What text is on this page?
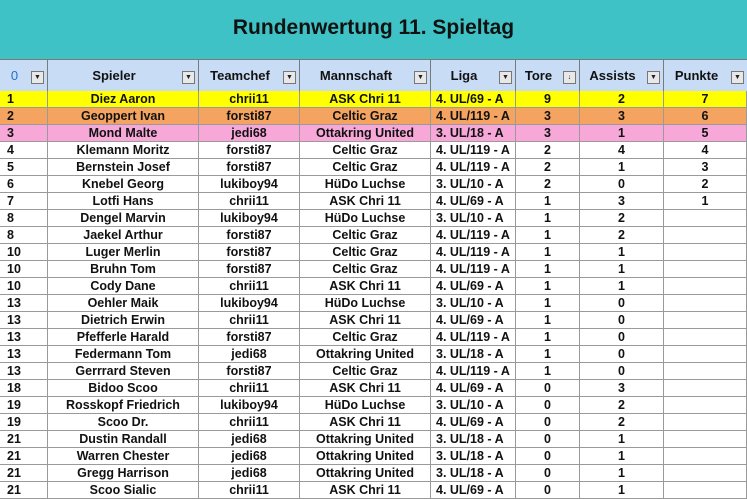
Rundenwertung 11. Spieltag
0	▼	Spieler	▼	Teamchef	▼	Mannschaft	▼	Liga	▼	Tore	↓	Assists	▼	Punkte	▼
1	Diez Aaron	chrii11	ASK Chri 11	4. UL/69 - A	9	2	7
2	Geoppert Ivan	forsti87	Celtic Graz	4. UL/119 - A	3	3	6
3	Mond Malte	jedi68	Ottakring United	3. UL/18 - A	3	1	5
4	Klemann Moritz	forsti87	Celtic Graz	4. UL/119 - A	2	4	4
5	Bernstein Josef	forsti87	Celtic Graz	4. UL/119 - A	2	1	3
6	Knebel Georg	lukiboy94	HüDo Luchse	3. UL/10 - A	2	0	2
7	Lotfi Hans	chrii11	ASK Chri 11	4. UL/69 - A	1	3	1
8	Dengel Marvin	lukiboy94	HüDo Luchse	3. UL/10 - A	1	2
8	Jaekel Arthur	forsti87	Celtic Graz	4. UL/119 - A	1	2
10	Luger Merlin	forsti87	Celtic Graz	4. UL/119 - A	1	1
10	Bruhn Tom	forsti87	Celtic Graz	4. UL/119 - A	1	1
10	Cody Dane	chrii11	ASK Chri 11	4. UL/69 - A	1	1
13	Oehler Maik	lukiboy94	HüDo Luchse	3. UL/10 - A	1	0
13	Dietrich Erwin	chrii11	ASK Chri 11	4. UL/69 - A	1	0
13	Pfefferle Harald	forsti87	Celtic Graz	4. UL/119 - A	1	0
13	Federmann Tom	jedi68	Ottakring United	3. UL/18 - A	1	0
13	Gerrrard Steven	forsti87	Celtic Graz	4. UL/119 - A	1	0
18	Bidoo Scoo	chrii11	ASK Chri 11	4. UL/69 - A	0	3
19	Rosskopf Friedrich	lukiboy94	HüDo Luchse	3. UL/10 - A	0	2
19	Scoo Dr.	chrii11	ASK Chri 11	4. UL/69 - A	0	2
21	Dustin Randall	jedi68	Ottakring United	3. UL/18 - A	0	1
21	Warren Chester	jedi68	Ottakring United	3. UL/18 - A	0	1
21	Gregg Harrison	jedi68	Ottakring United	3. UL/18 - A	0	1
21	Scoo Sialic	chrii11	ASK Chri 11	4. UL/69 - A	0	1
